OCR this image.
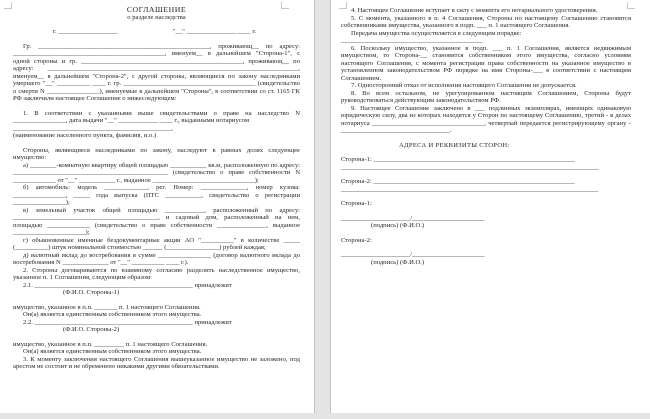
СОГЛАШЕНИЕ

о разделе наследства

г. __________________	"__" _______________ ____ г.

Гр. ____________________________________________________, проживающ__ по адресу: ______________________________________________, именуем__ в дальнейшем "Сторона-1", с одной стороны и гр. _________________________________________________, проживающ__ по адресу: ____________________________________________________________________________, именуем__ в дальнейшем "Сторона-2", с другой стороны, являющиеся по закону наследниками умершего "__" __________ ____ г. гр. ________________________________________ (свидетельство о смерти N ________________), именуемые в дальнейшем "Стороны", в соответствии со ст. 1165 ГК РФ заключили настоящее Соглашение о нижеследующем:

1. В соответствии с указанными выше свидетельствами о праве на наследство N ________________, дата выдачи "__" ____________ ____ г., выданными нотариусом

________________________________________________,

(наименование населенного пункта, фамилия, и.о.)

Стороны, являющиеся наследниками по закону, наследуют в равных долях следующее имущество:

а) ________-комнатную квартиру общей площадью ___________ кв.м, расположенную по адресу: _______________________________________________ (свидетельство о праве собственности N _____________ от "__" ___________ г., выданное _______________________________);

б) автомобиль: модель _____________, рег. Номер: ______________, номер кузова: ________________, _____ года выпуска (ПТС ___________, свидетельство о регистрации ________________);

в) земельный участок общей площадью ____________, расположенный по адресу: ____________________________________________, и садовый дом, расположенный на нем, площадью _____________ (свидетельство о праве собственности _______________, выданное ______________________);

г) обыкновенные именные бездокументарные акции АО "__________" в количестве _____ (__________) штук номинальной стоимостью ______ (________________) рублей каждая;

д) валютный вклад до востребования в сумме ________________ (договор валютного вклада до востребования N ______________ от "__" __________ ____ г.).

2. Стороны договариваются по взаимному согласию разделить наследственное имущество, указанное п. 1 Соглашения, следующим образом:

2.1. ________________________________________________ принадлежит

(Ф.И.О. Стороны-1)

имущество, указанное в п.п. _______ п. 1 настоящего Соглашения.

Он(а) является единственным собственником этого имущества.

2.2. ________________________________________________ принадлежит

(Ф.И.О. Стороны-2)

имущество, указанное в п.п. _________ п. 1 настоящего Соглашения.

Он(а) является единственным собственником этого имущества.

3. К моменту заключения настоящего Соглашения вышеуказанное имущество не заложено, под арестом не состоит и не обременено никакими другими обязательствами.

4. Настоящее Соглашение вступает в силу с момента его нотариального удостоверения.

5. С момента, указанного в п. 4 Соглашения, Стороны по настоящему Соглашению становятся собственниками имущества, указанного в подп. ___ п. 1 настоящего Соглашения.

Передача имущества осуществляется в следующем порядке:

___________________________________________

6. Поскольку имущество, указанное в подп. ___ п. 1 Соглашения, является недвижимым имуществом, то Сторона-__ становится собственником этого имущества, согласно условиям настоящего Соглашения, с момента регистрации права собственности на указанное имущество в установленном законодательством РФ порядке на имя Стороны-___ в соответствии с настоящим Соглашением.

7. Односторонний отказ от исполнения настоящего Соглашения не допускается.

8. Во всем остальном, не урегулированном настоящим Соглашением, Стороны будут руководствоваться действующим законодательством РФ.

9. Настоящее Соглашение заключено в ___ подлинных экземплярах, имеющих одинаковую юридическую силу, два из которых находятся у Сторон по настоящему Соглашению, третий - в делах нотариуса __________________________________, четвертый передается регистрирующему органу - _________________________________.

АДРЕСА И РЕКВИЗИТЫ СТОРОН:

Сторона-1: _____________________________________________________________

______________________________________________________________________________

Сторона-2: _____________________________________________________________

______________________________________________________________________________

Сторона-1:

_____________________/______________________

(подпись) (Ф.И.О.)

Сторона-2:

_____________________/______________________

(подпись) (Ф.И.О.)
